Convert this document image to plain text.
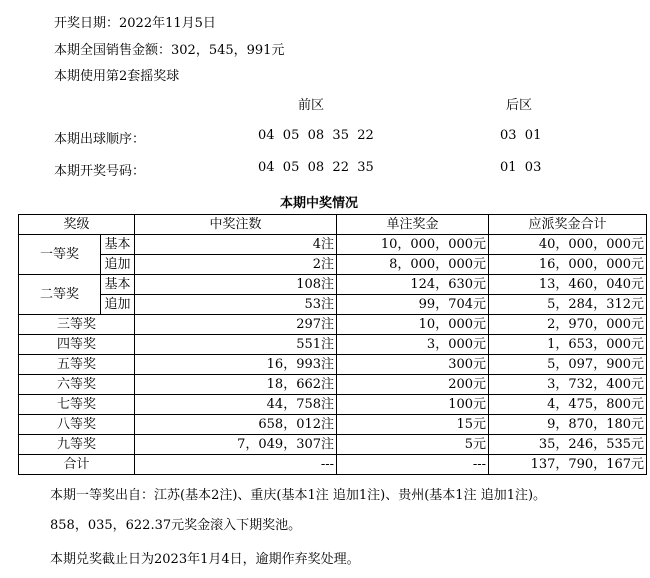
开奖日期：2022年11月5日
本期全国销售金额：302，545，991元
本期使用第2套摇奖球
前区	后区
本期出球顺序：	04  05  08  35  22	03  01
本期开奖号码：	04  05  08  22  35	01  03
本期中奖情况
奖级		中奖注数	单注奖金	应派奖金合计
一等奖	基本	4注	10，000，000元	40，000，000元
	追加	2注	8，000，000元	16，000，000元
二等奖	基本	108注	124，630元	13，460，040元
	追加	53注	99，704元	5，284，312元
三等奖		297注	10，000元	2，970，000元
四等奖		551注	3，000元	1，653，000元
五等奖		16，993注	300元	5，097，900元
六等奖		18，662注	200元	3，732，400元
七等奖		44，758注	100元	4，475，800元
八等奖		658，012注	15元	9，870，180元
九等奖		7，049，307注	5元	35，246，535元
合计		---	---	137，790，167元
本期一等奖出自：江苏(基本2注)、重庆(基本1注 追加1注)、贵州(基本1注 追加1注)。
858，035，622.37元奖金滚入下期奖池。
本期兑奖截止日为2023年1月4日，逾期作弃奖处理。
